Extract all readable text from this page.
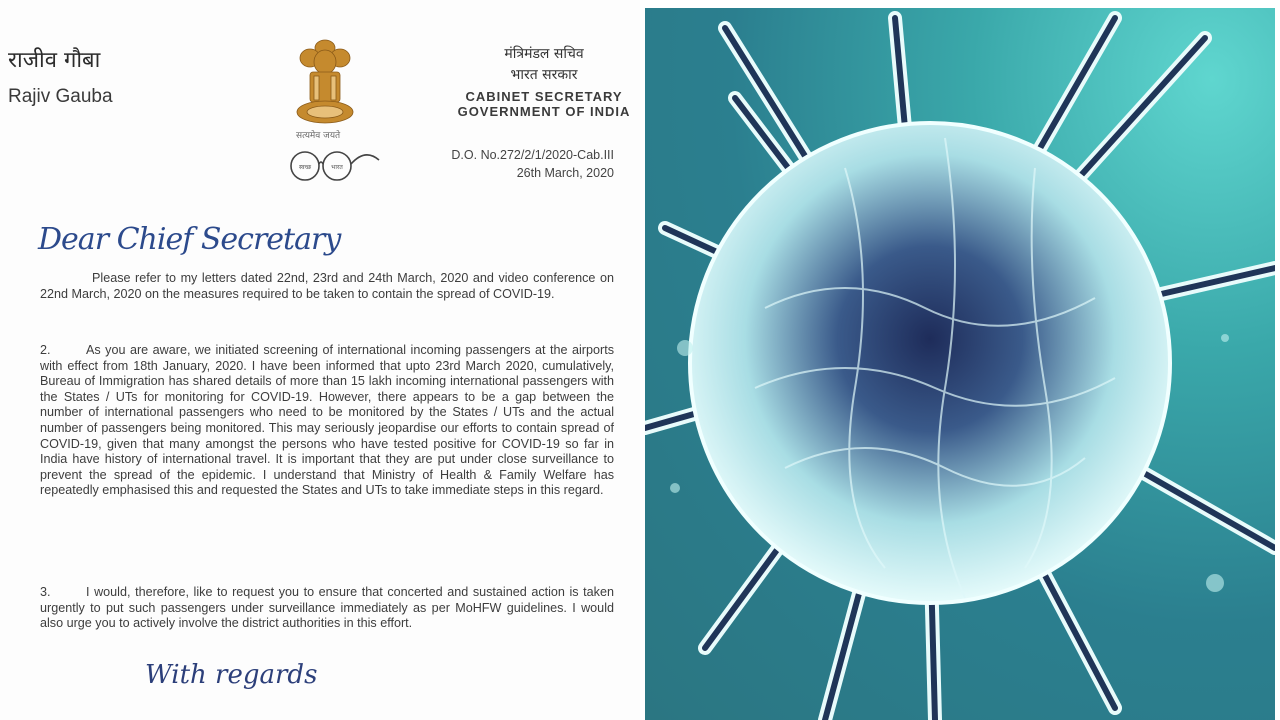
राजीव गौबा
Rajiv Gauba
सत्यमेव जयते
स्वच्छ	भारत
मंत्रिमंडल सचिव
भारत सरकार
CABINET SECRETARY
GOVERNMENT OF INDIA
D.O. No.272/2/1/2020-Cab.III
26th March, 2020
Dear Chief Secretary
Please refer to my letters dated 22nd, 23rd and 24th March, 2020 and video conference on 22nd March, 2020 on the measures required to be taken to contain the spread of COVID-19.
2.	As you are aware, we initiated screening of international incoming passengers at the airports with effect from 18th January, 2020. I have been informed that upto 23rd March 2020, cumulatively, Bureau of Immigration has shared details of more than 15 lakh incoming international passengers with the States / UTs for monitoring for COVID-19. However, there appears to be a gap between the number of international passengers who need to be monitored by the States / UTs and the actual number of passengers being monitored. This may seriously jeopardise our efforts to contain spread of COVID-19, given that many amongst the persons who have tested positive for COVID-19 so far in India have history of international travel. It is important that they are put under close surveillance to prevent the spread of the epidemic. I understand that Ministry of Health & Family Welfare has repeatedly emphasised this and requested the States and UTs to take immediate steps in this regard.
3.	I would, therefore, like to request you to ensure that concerted and sustained action is taken urgently to put such passengers under surveillance immediately as per MoHFW guidelines. I would also urge you to actively involve the district authorities in this effort.
With regards
